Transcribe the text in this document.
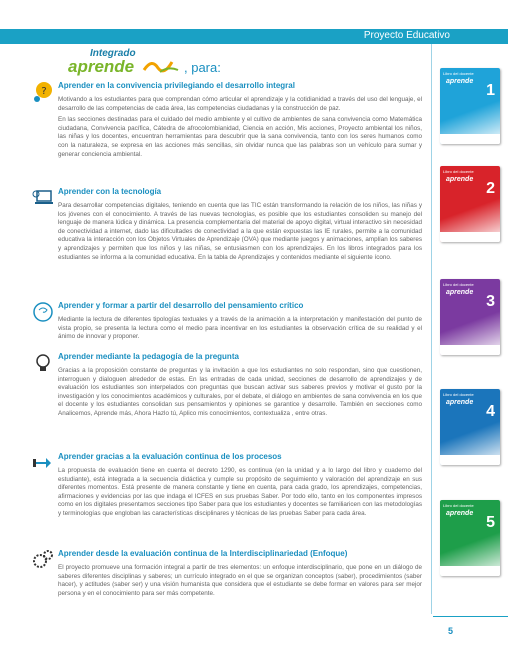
Proyecto Educativo
Integrado
aprende	, para:
?
Aprender en la convivencia privilegiando el desarrollo integral

Motivando a los estudiantes para que comprendan cómo articular el aprendizaje y la cotidianidad a través del uso del lenguaje, el desarrollo de las competencias de cada área, las competencias ciudadanas y la construcción de paz.

En las secciones destinadas para el cuidado del medio ambiente y el cultivo de ambientes de sana convivencia como Matemática ciudadana, Convivencia pacífica, Cátedra de afrocolombianidad, Ciencia en acción, Mis acciones, Proyecto ambiental los niños, las niñas y los docentes, encuentran herramientas para descubrir que la sana convivencia, tanto con los seres humanos como con la naturaleza, se expresa en las acciones más sencillas, sin olvidar nunca que las palabras son un vehículo para sumar y generar conciencia ambiental.

Aprender con la tecnología

Para desarrollar competencias digitales, teniendo en cuenta que las TIC están transformando la relación de los niños, las niñas y los jóvenes con el conocimiento. A través de las nuevas tecnologías, es posible que los estudiantes consoliden su manejo del lenguaje de manera lúdica y dinámica. La presencia complementaria del material de apoyo digital, virtual interactivo sin necesidad de conectividad a internet, dado las dificultades de conectividad a la que están expuestas las IE rurales, permite a la comunidad educativa la interacción con los Objetos Virtuales de Aprendizaje (OVA) que mediante juegos y animaciones, amplían los saberes y aprendizajes y permiten que los niños y las niñas, se entusiasmen con los aprendizajes. En los libros integrados para los estudiantes se informa a la comunidad educativa. En la tabla de Aprendizajes y contenidos mediante el siguiente ícono.

Aprender y formar a partir del desarrollo del pensamiento crítico

Mediante la lectura de diferentes tipologías textuales y a través de la animación a la interpretación y manifestación del punto de vista propio, se presenta la lectura como el medio para incentivar en los estudiantes la observación crítica de su realidad y el ánimo de innovar y proponer.

Aprender mediante la pedagogía de la pregunta

Gracias a la proposición constante de preguntas y la invitación a que los estudiantes no solo respondan, sino que cuestionen, interroguen y dialoguen alrededor de estas. En las entradas de cada unidad, secciones de desarrollo de aprendizajes y de evaluación los estudiantes son interpelados con preguntas que buscan activar sus saberes previos y motivar el gusto por la investigación y los conocimientos académicos y culturales, por el debate, el diálogo en ambientes de sana convivencia en los que el docente y los estudiantes consolidan sus pensamientos y opiniones se garantice y desarrolle. También en secciones como Analicemos, Aprende más, Ahora Hazlo tú, Aplico mis conocimientos, contextualiza , entre otras.

Aprender gracias a la evaluación continua de los procesos

La propuesta de evaluación tiene en cuenta el decreto 1290, es continua (en la unidad y a lo largo del libro y cuaderno del estudiante), está integrada a la secuencia didáctica y cumple su propósito de seguimiento y valoración del aprendizaje en sus diferentes momentos. Está presente de manera constante y tiene en cuenta, para cada grado, los aprendizajes, competencias, afirmaciones y evidencias por las que indaga el ICFES en sus pruebas Saber. Por todo ello, tanto en los componentes impresos como en los digitales presentamos secciones tipo Saber para que los estudiantes y docentes se familiaricen con las metodologías y terminologías que engloban las características disciplinares y técnicas de las pruebas Saber para cada área.

Aprender desde la evaluación continua de la Interdisciplinariedad (Enfoque)

El proyecto promueve una formación integral a partir de tres elementos: un enfoque interdisciplinario, que pone en un diálogo de saberes diferentes disciplinas y saberes; un currículo integrado en el que se organizan conceptos (saber), procedimientos (saber hacer), y actitudes (saber ser) y una visión humanista que considera que el estudiante se debe formar en valores para ser mejor persona y en el conocimiento para ser más competente.

Libro del docente
aprende
1
Libro del docente
aprende
2
Libro del docente
aprende
3
Libro del docente
aprende
4
Libro del docente
aprende
5
5
